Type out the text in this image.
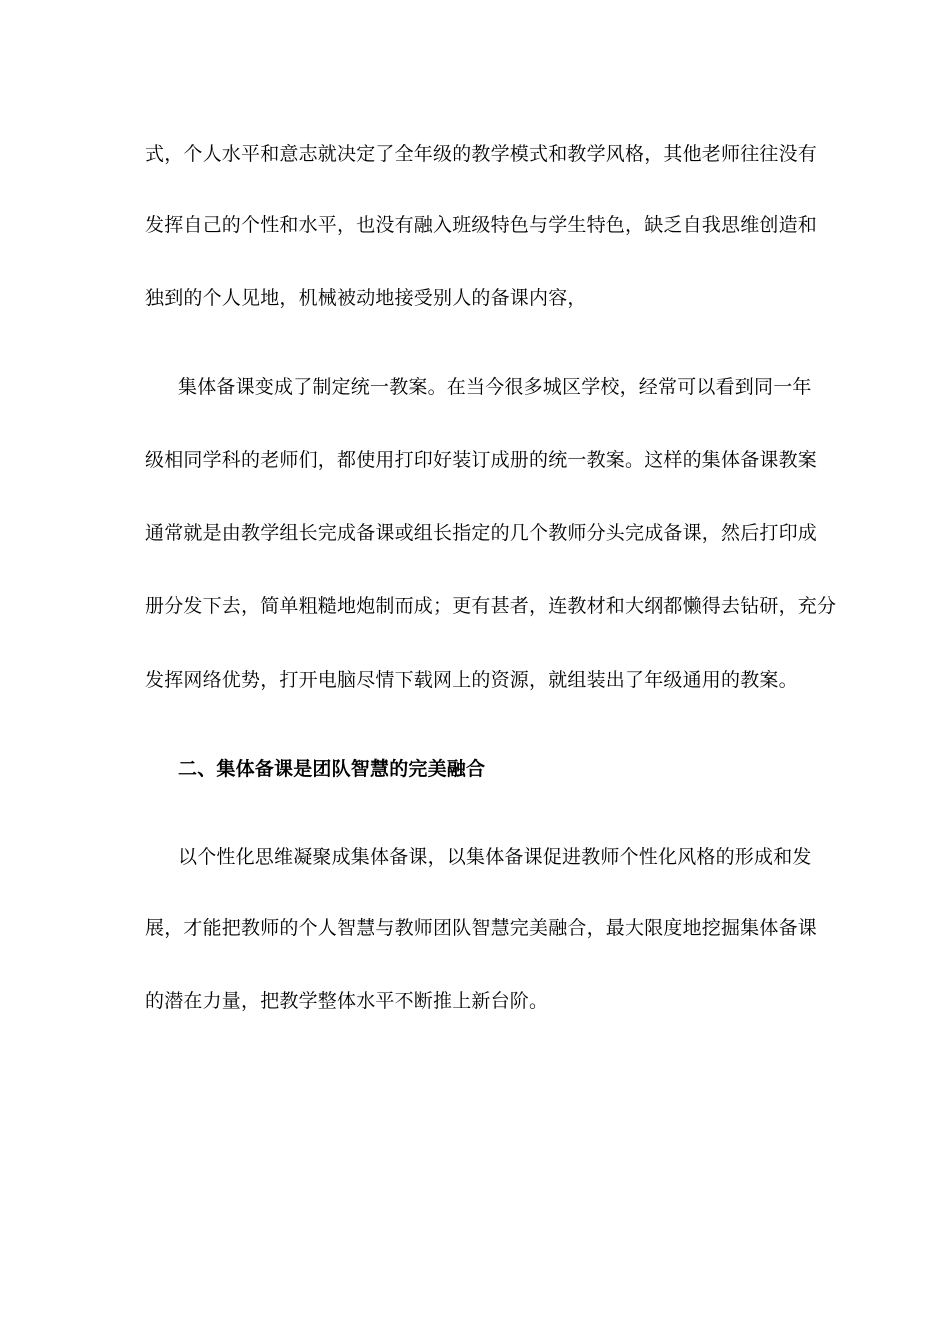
式，个人水平和意志就决定了全年级的教学模式和教学风格，其他老师往往没有
发挥自己的个性和水平，也没有融入班级特色与学生特色，缺乏自我思维创造和
独到的个人见地，机械被动地接受别人的备课内容，
集体备课变成了制定统一教案。在当今很多城区学校，经常可以看到同一年
级相同学科的老师们，都使用打印好装订成册的统一教案。这样的集体备课教案
通常就是由教学组长完成备课或组长指定的几个教师分头完成备课，然后打印成
册分发下去，简单粗糙地炮制而成；更有甚者，连教材和大纲都懒得去钻研，充分
发挥网络优势，打开电脑尽情下载网上的资源，就组装出了年级通用的教案。
二、集体备课是团队智慧的完美融合
以个性化思维凝聚成集体备课，以集体备课促进教师个性化风格的形成和发
展，才能把教师的个人智慧与教师团队智慧完美融合，最大限度地挖掘集体备课
的潜在力量，把教学整体水平不断推上新台阶。
